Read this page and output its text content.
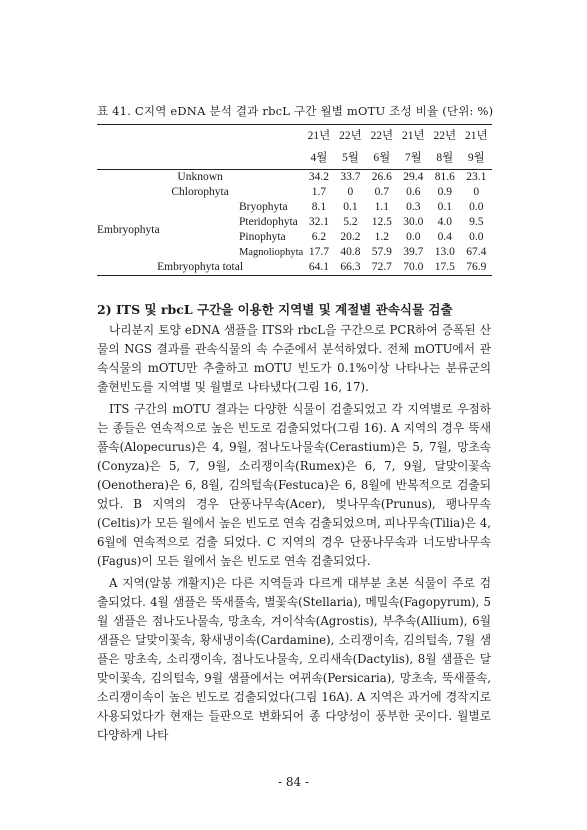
표 41. C지역 eDNA 분석 결과 rbcL 구간 월별 mOTU 조성 비율 (단위: %)
		21년	22년	22년	21년	22년	21년
		4월	5월	6월	7월	8월	9월
Unknown		34.2	33.7	26.6	29.4	81.6	23.1
Chlorophyta		1.7	0	0.7	0.6	0.9	0
Embryophyta	Bryophyta	8.1	0.1	1.1	0.3	0.1	0.0
	Pteridophyta	32.1	5.2	12.5	30.0	4.0	9.5
	Pinophyta	6.2	20.2	1.2	0.0	0.4	0.0
	Magnoliophyta	17.7	40.8	57.9	39.7	13.0	67.4
Embryophyta total		64.1	66.3	72.7	70.0	17.5	76.9
2) ITS 및 rbcL 구간을 이용한 지역별 및 계절별 관속식물 검출

나리분지 토양 eDNA 샘플을 ITS와 rbcL을 구간으로 PCR하여 증폭된 산물의 NGS 결과를 관속식물의 속 수준에서 분석하였다. 전체 mOTU에서 관속식물의 mOTU만 추출하고 mOTU 빈도가 0.1%이상 나타나는 분류군의 출현빈도를 지역별 및 월별로 나타냈다(그림 16, 17).

ITS 구간의 mOTU 결과는 다양한 식물이 검출되었고 각 지역별로 우점하는 종들은 연속적으로 높은 빈도로 검출되었다(그림 16). A 지역의 경우 뚝새풀속(Alopecurus)은 4, 9월, 점나도나물속(Cerastium)은 5, 7월, 망초속(Conyza)은 5, 7, 9월, 소리쟁이속(Rumex)은 6, 7, 9월, 달맞이꽃속(Oenothera)은 6, 8월, 김의털속(Festuca)은 6, 8월에 반복적으로 검출되었다. B 지역의 경우 단풍나무속(Acer), 벚나무속(Prunus), 팽나무속(Celtis)가 모든 월에서 높은 빈도로 연속 검출되었으며, 피나무속(Tilia)은 4, 6월에 연속적으로 검출 되었다. C 지역의 경우 단풍나무속과 너도밤나무속(Fagus)이 모든 월에서 높은 빈도로 연속 검출되었다.

A 지역(알봉 개활지)은 다른 지역들과 다르게 대부분 초본 식물이 주로 검출되었다. 4월 샘플은 뚝새풀속, 별꽃속(Stellaria), 메밀속(Fagopyrum), 5월 샘플은 점나도나물속, 망초속, 겨이삭속(Agrostis), 부추속(Allium), 6월 샘플은 달맞이꽃속, 황새냉이속(Cardamine), 소리쟁이속, 김의털속, 7월 샘플은 망초속, 소리쟁이속, 점나도나물속, 오리새속(Dactylis), 8월 샘플은 달맞이꽃속, 김의털속, 9월 샘플에서는 여뀌속(Persicaria), 망초속, 뚝새풀속, 소리쟁이속이 높은 빈도로 검출되었다(그림 16A). A 지역은 과거에 경작지로 사용되었다가 현재는 들판으로 변화되어 종 다양성이 풍부한 곳이다. 월별로 다양하게 나타

- 84 -
